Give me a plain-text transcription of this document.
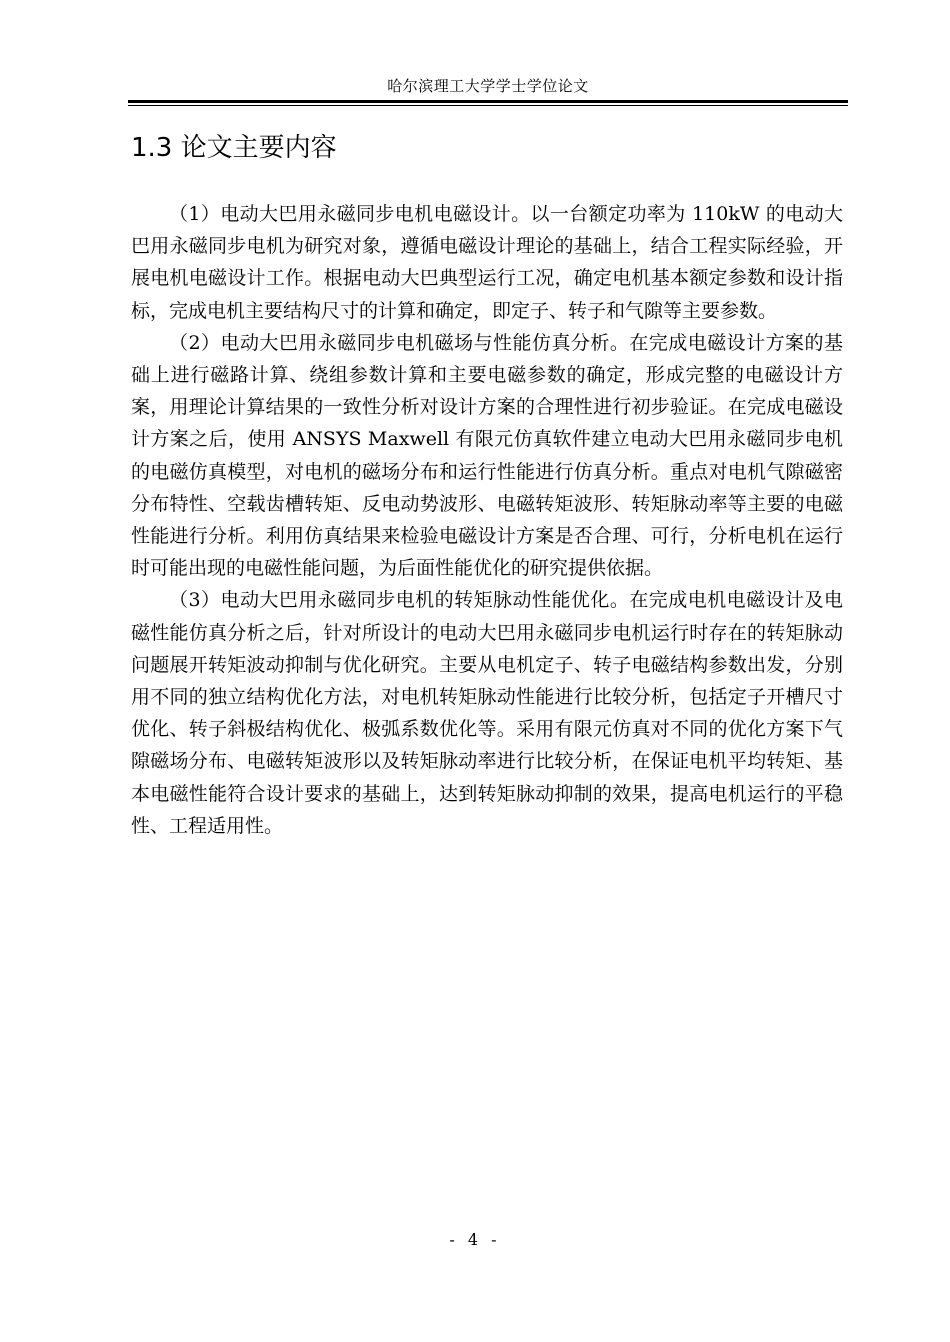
哈尔滨理工大学学士学位论文
1.3 论文主要内容

（1）电动大巴用永磁同步电机电磁设计。以一台额定功率为 110kW 的电动大巴用永磁同步电机为研究对象，遵循电磁设计理论的基础上，结合工程实际经验，开展电机电磁设计工作。根据电动大巴典型运行工况，确定电机基本额定参数和设计指标，完成电机主要结构尺寸的计算和确定，即定子、转子和气隙等主要参数。

（2）电动大巴用永磁同步电机磁场与性能仿真分析。在完成电磁设计方案的基础上进行磁路计算、绕组参数计算和主要电磁参数的确定，形成完整的电磁设计方案，用理论计算结果的一致性分析对设计方案的合理性进行初步验证。在完成电磁设计方案之后，使用 ANSYS Maxwell 有限元仿真软件建立电动大巴用永磁同步电机的电磁仿真模型，对电机的磁场分布和运行性能进行仿真分析。重点对电机气隙磁密分布特性、空载齿槽转矩、反电动势波形、电磁转矩波形、转矩脉动率等主要的电磁性能进行分析。利用仿真结果来检验电磁设计方案是否合理、可行，分析电机在运行时可能出现的电磁性能问题，为后面性能优化的研究提供依据。

（3）电动大巴用永磁同步电机的转矩脉动性能优化。在完成电机电磁设计及电磁性能仿真分析之后，针对所设计的电动大巴用永磁同步电机运行时存在的转矩脉动问题展开转矩波动抑制与优化研究。主要从电机定子、转子电磁结构参数出发，分别用不同的独立结构优化方法，对电机转矩脉动性能进行比较分析，包括定子开槽尺寸优化、转子斜极结构优化、极弧系数优化等。采用有限元仿真对不同的优化方案下气隙磁场分布、电磁转矩波形以及转矩脉动率进行比较分析，在保证电机平均转矩、基本电磁性能符合设计要求的基础上，达到转矩脉动抑制的效果，提高电机运行的平稳性、工程适用性。

- 4 -
